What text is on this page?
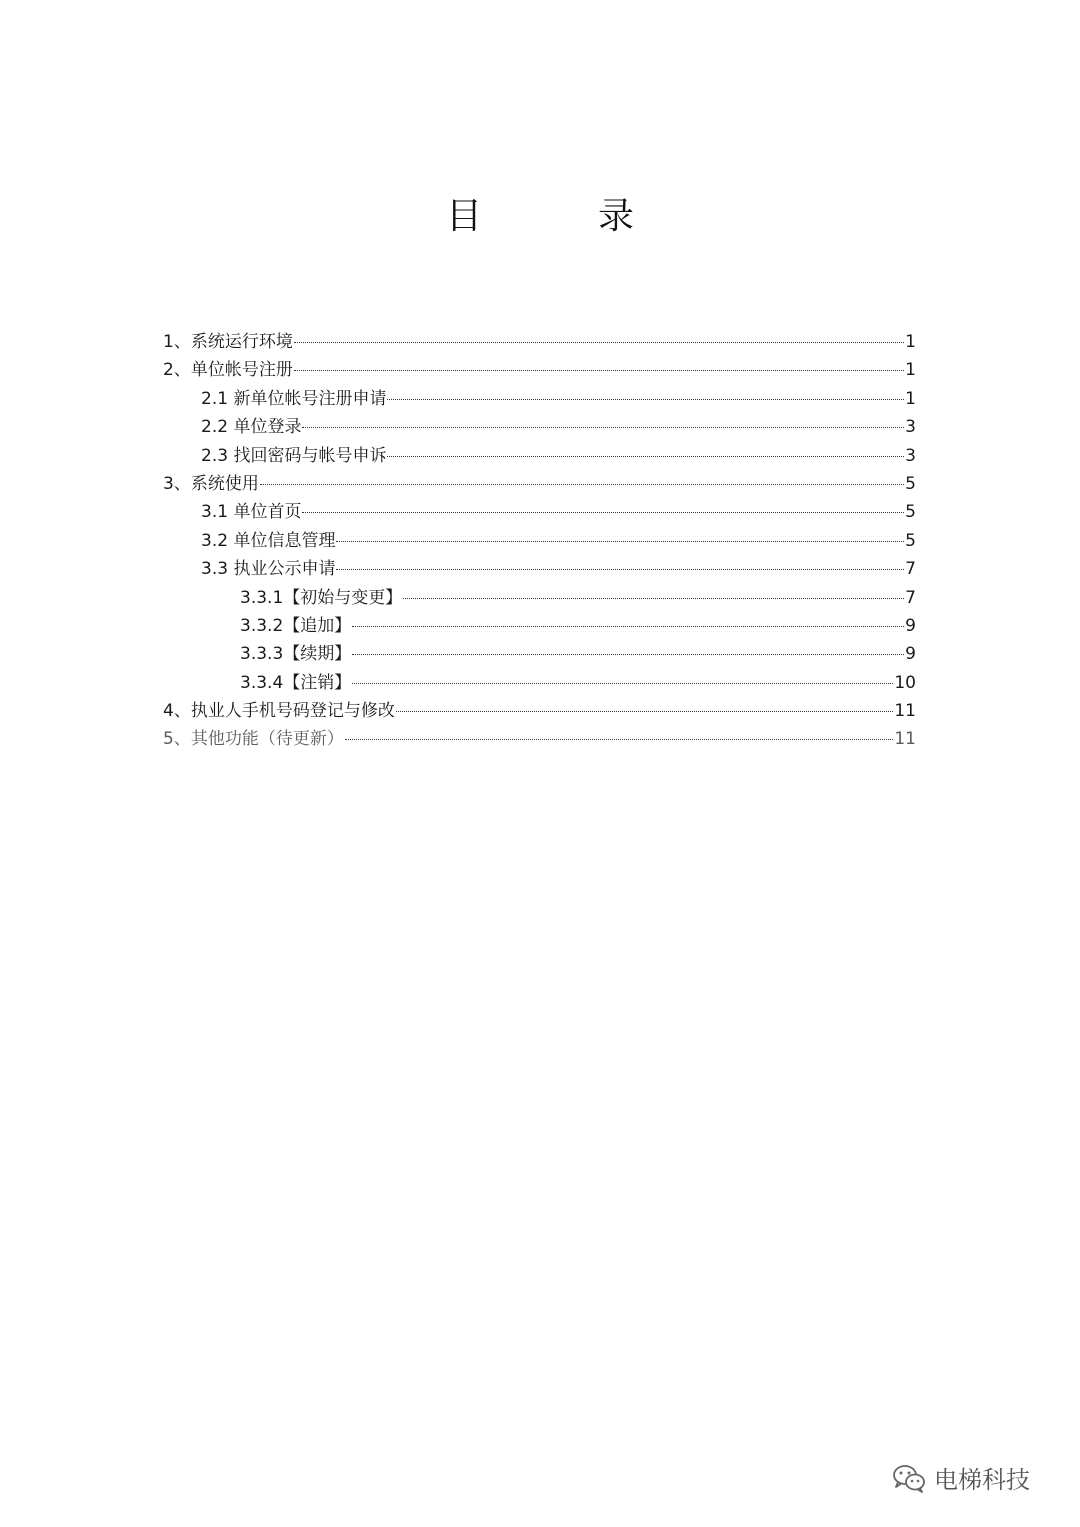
目　录
1、系统运行环境	1
2、单位帐号注册	1
2.1 新单位帐号注册申请	1
2.2 单位登录	3
2.3 找回密码与帐号申诉	3
3、系统使用	5
3.1 单位首页	5
3.2 单位信息管理	5
3.3 执业公示申请	7
3.3.1【初始与变更】	7
3.3.2【追加】	9
3.3.3【续期】	9
3.3.4【注销】	10
4、执业人手机号码登记与修改	11
5、其他功能（待更新）	11
电梯科技
